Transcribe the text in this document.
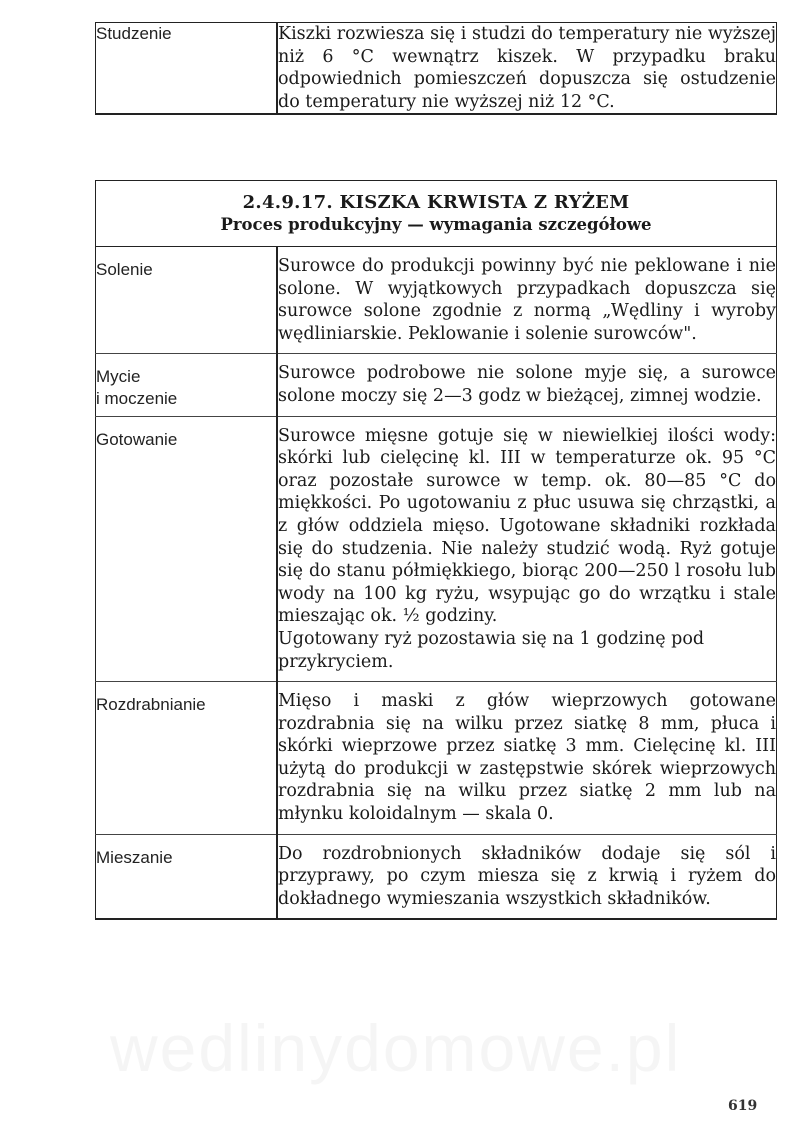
Studzenie	Kiszki rozwiesza się i studzi do temperatury nie wyższej niż 6 °C wewnątrz kiszek. W przypadku braku odpowiednich pomieszczeń dopuszcza się ostudzenie do temperatury nie wyższej niż 12 °C.

2.4.9.17. KISZKA KRWISTA Z RYŻEM
Proces produkcyjny — wymagania szczegółowe	

Solenie	Surowce do produkcji powinny być nie peklowane i nie solone. W wyjątkowych przypadkach dopuszcza się surowce solone zgodnie z normą „Wędliny i wyroby wędliniarskie. Peklowanie i solenie surowców".

Mycie
i moczenie	Surowce podrobowe nie solone myje się, a surowce solone moczy się 2—3 godz w bieżącej, zimnej wodzie.

Gotowanie	Surowce mięsne gotuje się w niewielkiej ilości wody: skórki lub cielęcinę kl. III w temperaturze ok. 95 °C oraz pozostałe surowce w temp. ok. 80—85 °C do miękkości. Po ugotowaniu z płuc usuwa się chrząstki, a z głów oddziela mięso. Ugotowane składniki rozkłada się do studzenia. Nie należy studzić wodą. Ryż gotuje się do stanu półmiękkiego, biorąc 200—250 l rosołu lub wody na 100 kg ryżu, wsypując go do wrzątku i stale mieszając ok. ½ godziny.

Ugotowany ryż pozostawia się na 1 godzinę pod przykryciem.

Rozdrabnianie	Mięso i maski z głów wieprzowych gotowane rozdrabnia się na wilku przez siatkę 8 mm, płuca i skórki wieprzowe przez siatkę 3 mm. Cielęcinę kl. III użytą do produkcji w zastępstwie skórek wieprzowych rozdrabnia się na wilku przez siatkę 2 mm lub na młynku koloidalnym — skala 0.

Mieszanie	Do rozdrobnionych składników dodaje się sól i przyprawy, po czym miesza się z krwią i ryżem do dokładnego wymieszania wszystkich składników.

wedlinydomowe.pl
619
